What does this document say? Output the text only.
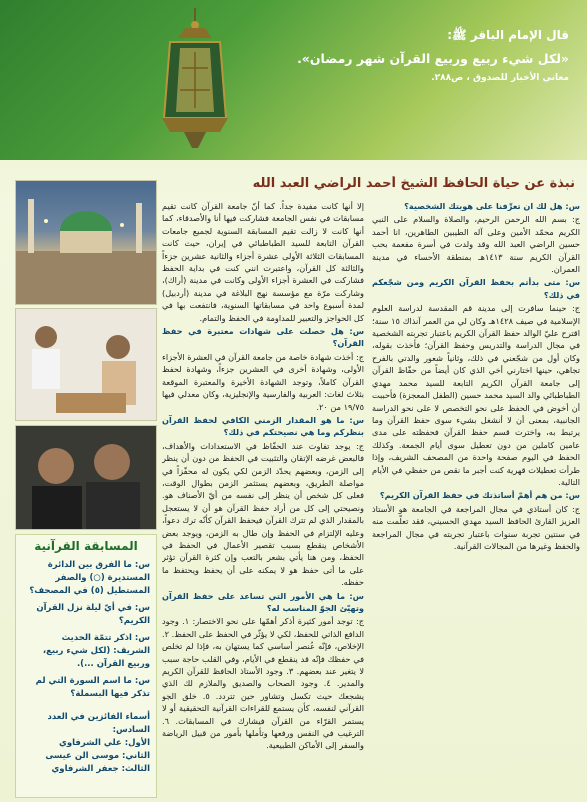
قال الإمام الباقر ﷺ:
«لكل شيء ربيع وربيع القرآن شهر رمضان».
معاني الأخبار للصدوق ، ص٢٨٨.
نبذة عن حياة الحافظ الشيخ أحمد الراضي العبد الله

س: هل لك ان تعرِّفنا على هويتك الشخصية؟

ج: بسم الله الرحمن الرحيم، والصلاة والسلام على النبي الكريم محمّد الأمين وعلى آله الطيبين الطاهرين، انا أحمد حسين الراضي العبد الله وقد ولدت في أسرة مفعمة بحب القرآن الكريم سنة ١٤١٣هـ بمنطقة الأحساء في مدينة العمران.

س: متى بدأتم بحفظ القرآن الكريم ومن شجّعكم في ذلك؟

ج: حينما سافرت إلى مدينة قم المقدسة لدراسة العلوم الإسلامية في صيف ١٤٢٨هـ وكان لي من العمر آنذاك ١٥ سنة؛ اقترح عليّ الوالد حفظ القرآن الكريم باعتبار تجربته الشخصية في مجال الدراسة والتدريس وحفظ القرآن؛ فأخذت بقوله، وكان أول من شجّعني في ذلك، وثانياً شعور والدتي بالفرح تجاهي، حينها اختارني أخي الذي كان أيضاً من حفّاظ القرآن إلى جامعة القرآن الكريم التابعة للسيد محمد مهدي الطباطبائي والد السيد محمد حسين (الطفل المعجزة) فأحببت أن أخوض في الحفظ على نحو التخصص لا على نحو الدراسة الجانبية، بمعنى أن لا أنشغل بشيء سوى حفظ القرآن وما يرتبط به، واخترت قسم حفظ القرآن فحفظته على مدى عامين كاملين من دون تعطيل سوى أيام الجمعة. وكذلك الحفظ في اليوم صفحة واحدة من المصحف الشريف، وإذا طرأت تعطيلات قهرية كنت أجبر ما نقص من حفظي في الأيام التالية.

س: من هم أهمّ أساتذتك في حفظ القرآن الكريم؟

ج: كان أستاذي في مجال المراجعة في الجامعة هو الأستاذ العزيز القارئ الحافظ السيد مهدي الحسيني، فقد تعلّمت منه في سنتين تجربة سنوات باعتبار تجربته في مجال المراجعة والحفظ وغيرها من المجالات القرآنية.

إلا أنها كانت مفيدة جداً. كما أنّ جامعة القرآن كانت تقيم مسابقات في نفس الجامعة فشاركت فيها أنا والأصدقاء، كما أنها كانت لا زالت تقيم المسابقة السنوية لجميع جامعات القرآن التابعة للسيد الطباطبائي في إيران، حيث كانت المسابقات الثلاثة الأولى عشرة أجزاء والثانية عشرين جزءاً والثالثة كل القرآن، واعتبرت انني كنت في بداية الحفظ فشاركت في العشرة أجزاء الأولى وكانت في مدينة (أراك)، وشاركت مرّة مع مؤسسة نهج البلاغة في مدينة (أردبيل) لمدة أسبوع واحد في مسابقاتها السنوية، فانتفعت بها في كل الحواجز والتعبير للمداومة في الحفظ والتمام.

س: هل حصلت على شهادات معتبرة في حفظ القرآن؟

ج: أخذت شهادة خاصة من جامعة القرآن في العشرة الأجزاء الأولى، وشهادة أخرى في العشرين جزءاً، وشهادة لحفظ القرآن كاملاً، وتوجد الشهادة الأخيرة والمعتبرة الموقعة بثلاث لغات: العربية والفارسية والإنجليزية، وكان معدلي فيها ١٩/٧٥ من ٢٠.

س: ما هو المقدار الزمني الكافي لحفظ القرآن بنظركم وما هي نصيحتكم في ذلك؟

ج: يوجد تفاوت عند الحفّاظ في الاستعدادات والأهداف، فالبعض غرضه الإتقان والتثبيت في الحفظ من دون أن ينظر إلى الزمن، وبعضهم يحدّد الزمن لكي يكون له محفّزاً في مواصلة الطريق، وبعضهم يستثمر الزمن بطوال الوقت، فعلى كل شخص أن ينظر إلى نفسه من أيّ الأصناف هو. ونصيحتي إلى كل من أراد حفظ القرآن هو أن لا يستعجل بالمقدار الذي لم تترك القرآن فيحفظ القرآن كأنّه ترك دعواً، وعليه الإلتزام في الحفظ وإن طال به الزمن، ويوجد بعض الأشخاص ينقطع بسبب تقصير الأعمال في الحفظ في الحفظ، ومن هنا يأتي بشعر بالتعب وإن كثرة القرآن تؤثر على ما أتى حفظ هو لا يمكنه على أن يحفظ ويحتفظ ما حفظه.

س: ما هي الأمور التي تساعد على حفظ القرآن وتهيّئ الجوّ المناسب له؟

ج: توجد أمور كثيرة أذكر أهمّها على نحو الاختصار: ١. وجود الدافع الذاتي للحفظ، لكي لا يؤثّر في الحفظ على الحفظ. ٢. الإخلاص، فإنّه عُنصر أساسي كما يستهان به، فإذا لم تخلص في حفظك فإنّه قد ينقطع في الأيام، وفي القلب حاجة سبب لا يتغير عند بعضهم. ٣. وجود الأستاذ الحافظ للقرآن الكريم والمدير. ٤. وجود الصحاب والصديق والملازم لك الذي يشجعك حيث تكسل وتشاور حين تتردد. ٥. خلق الجو القرآني لنفسه، كأن يستمع للقراءات القرآنية التحقيقية أو لا يستمر القرّاء من القرآن فيشارك في المسابقات. ٦. الترغيب في النفس ورفعها وتأملها بأمور من قبيل الرياضة والسفر إلى الأماكن الطبيعية.

المسابقة القرآنية
س: ما الفرق بين الدائرة المستديرة (○) والصفر المستطيل (٥) في المصحف؟
س: في أيّ ليلة نزل القرآن الكريم؟
س: اذكر تتمّة الحديث الشريف: (لكل شيء ربيع، وربيع القرآن ...).
س: ما اسم السورة التي لم تذكر فيها البسملة؟
أسماء الفائزين في العدد السادس:
الأول: علي الشرفاوي
الثاني: موسى الن عيسى
الثالث: جعفر الشرفاوي
